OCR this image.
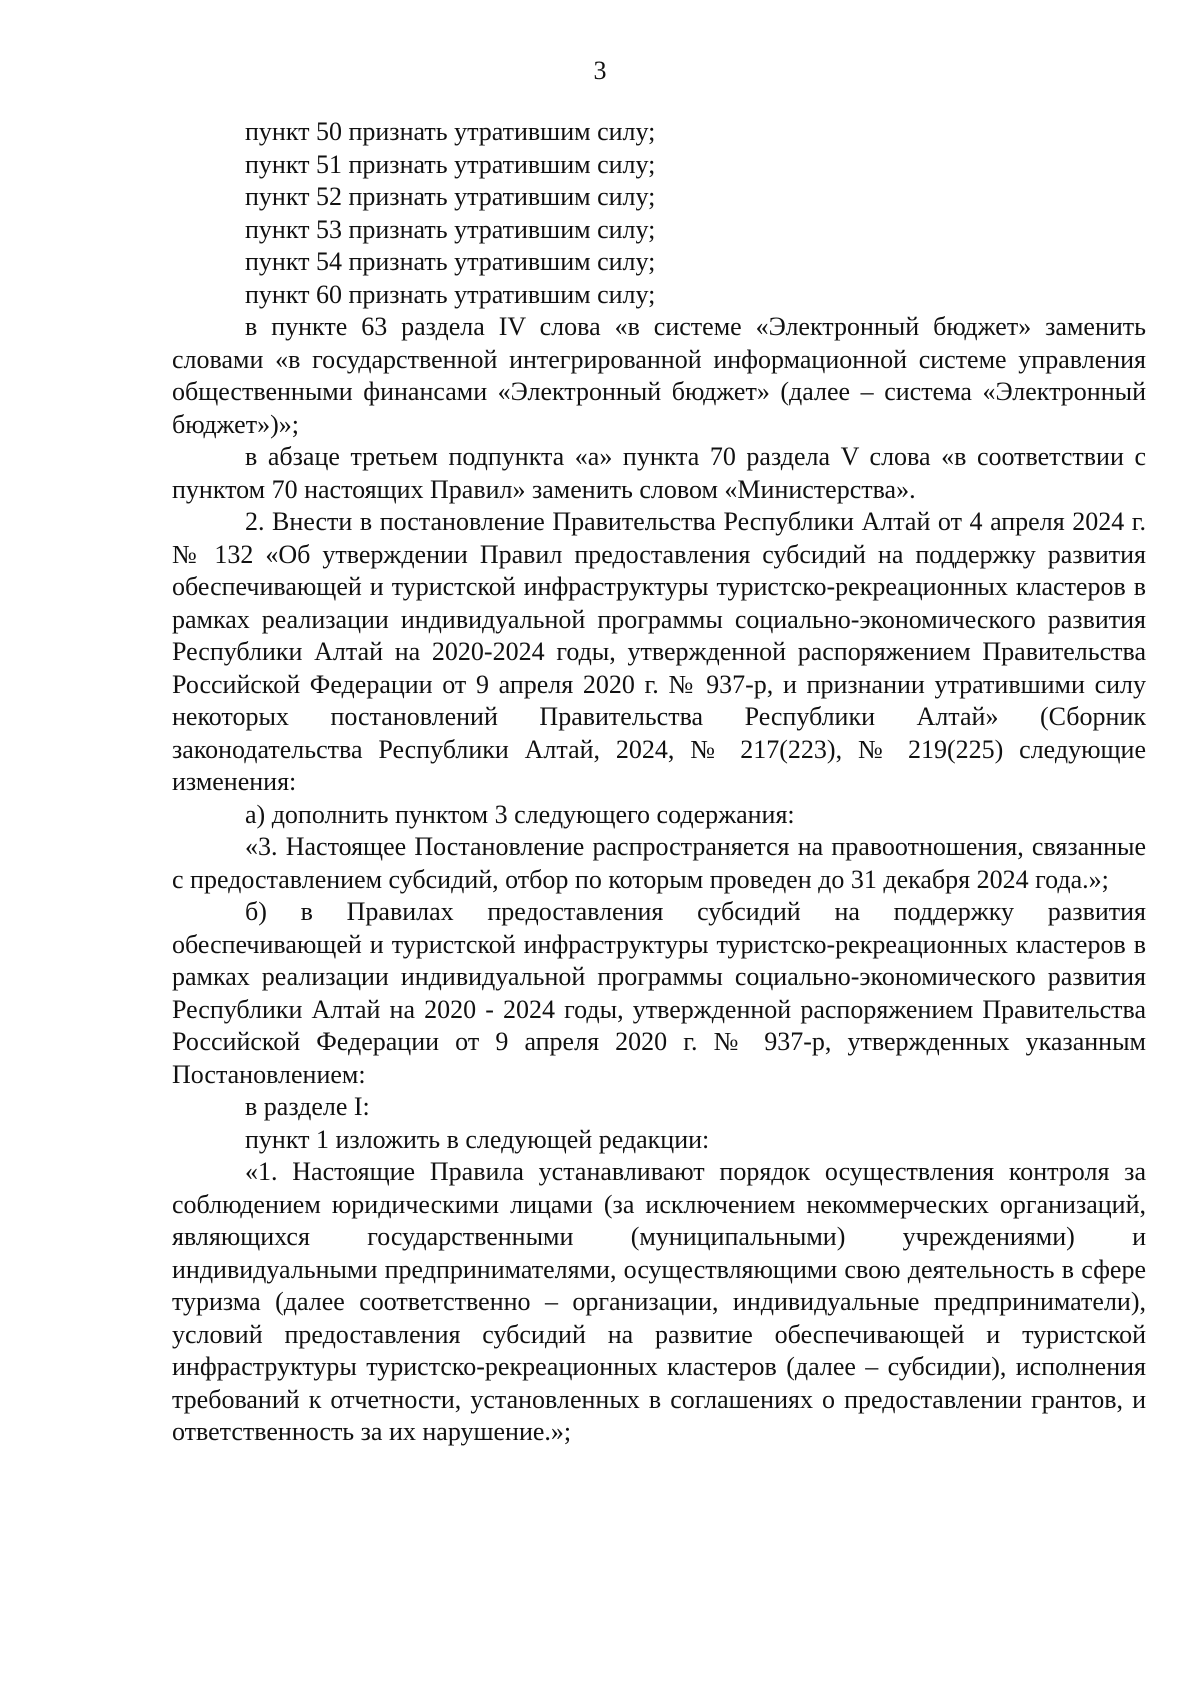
3

пункт 50 признать утратившим силу;

пункт 51 признать утратившим силу;

пункт 52 признать утратившим силу;

пункт 53 признать утратившим силу;

пункт 54 признать утратившим силу;

пункт 60 признать утратившим силу;

в пункте 63 раздела IV слова «в системе «Электронный бюджет» заменить словами «в государственной интегрированной информационной системе управления общественными финансами «Электронный бюджет» (далее – система «Электронный бюджет»)»;

в абзаце третьем подпункта «а» пункта 70 раздела V слова «в соответствии с пунктом 70 настоящих Правил» заменить словом «Министерства».

2. Внести в постановление Правительства Республики Алтай от 4 апреля 2024 г. № 132 «Об утверждении Правил предоставления субсидий на поддержку развития обеспечивающей и туристской инфраструктуры туристско-рекреационных кластеров в рамках реализации индивидуальной программы социально-экономического развития Республики Алтай на 2020-2024 годы, утвержденной распоряжением Правительства Российской Федерации от 9 апреля 2020 г. № 937-р, и признании утратившими силу некоторых постановлений Правительства Республики Алтай» (Сборник законодательства Республики Алтай, 2024, № 217(223), № 219(225) следующие изменения:

а) дополнить пунктом 3 следующего содержания:

«3. Настоящее Постановление распространяется на правоотношения, связанные с предоставлением субсидий, отбор по которым проведен до 31 декабря 2024 года.»;

б) в Правилах предоставления субсидий на поддержку развития обеспечивающей и туристской инфраструктуры туристско-рекреационных кластеров в рамках реализации индивидуальной программы социально-экономического развития Республики Алтай на 2020 - 2024 годы, утвержденной распоряжением Правительства Российской Федерации от 9 апреля 2020 г. № 937-р, утвержденных указанным Постановлением:

в разделе I:

пункт 1 изложить в следующей редакции:

«1. Настоящие Правила устанавливают порядок осуществления контроля за соблюдением юридическими лицами (за исключением некоммерческих организаций, являющихся государственными (муниципальными) учреждениями) и индивидуальными предпринимателями, осуществляющими свою деятельность в сфере туризма (далее соответственно – организации, индивидуальные предприниматели), условий предоставления субсидий на развитие обеспечивающей и туристской инфраструктуры туристско-рекреационных кластеров (далее – субсидии), исполнения требований к отчетности, установленных в соглашениях о предоставлении грантов, и ответственность за их нарушение.»;
